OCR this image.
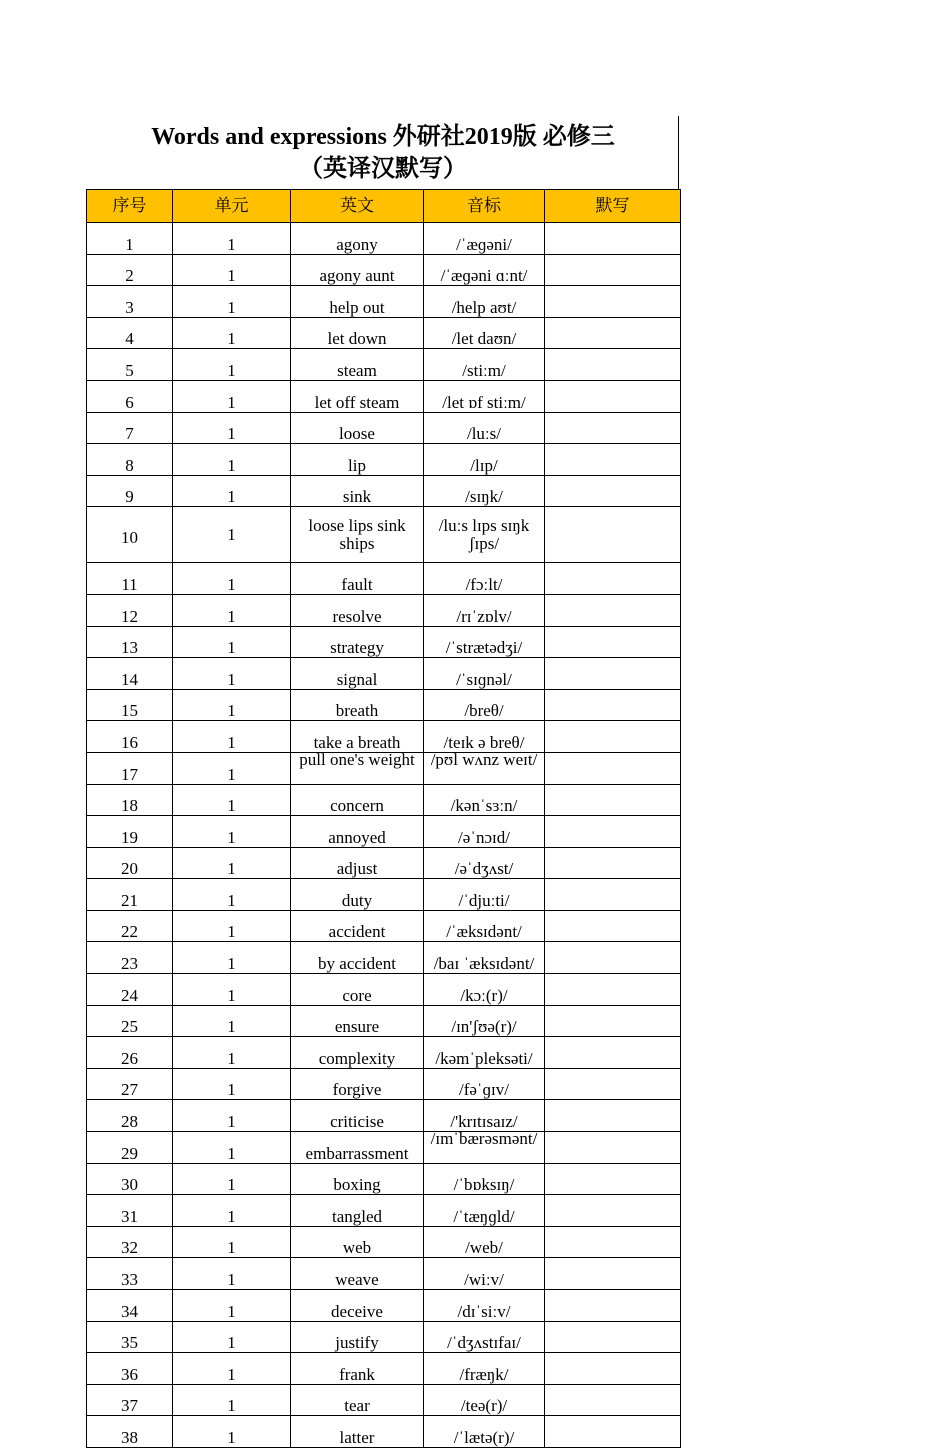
Words and expressions 外研社2019版 必修三
（英译汉默写）
序号	单元	英文	音标	默写
1	1	agony	/ˈæɡəni/	
2	1	agony aunt	/ˈæɡəni ɑːnt/	
3	1	help out	/help aʊt/	
4	1	let down	/let daʊn/	
5	1	steam	/stiːm/	
6	1	let off steam	/let ɒf stiːm/	
7	1	loose	/luːs/	
8	1	lip	/lɪp/	
9	1	sink	/sɪŋk/	
10	1	loose lips sink ships	/luːs lɪps sɪŋk ʃɪps/	
11	1	fault	/fɔːlt/	
12	1	resolve	/rɪˈzɒlv/	
13	1	strategy	/ˈstrætədʒi/	
14	1	signal	/ˈsɪɡnəl/	
15	1	breath	/breθ/	
16	1	take a breath	/teɪk ə breθ/	
17	1	pull one's weight	/pʊl wʌnz weɪt/	
18	1	concern	/kənˈsɜːn/	
19	1	annoyed	/əˈnɔɪd/	
20	1	adjust	/əˈdʒʌst/	
21	1	duty	/ˈdjuːti/	
22	1	accident	/ˈæksɪdənt/	
23	1	by accident	/baɪ ˈæksɪdənt/	
24	1	core	/kɔː(r)/	
25	1	ensure	/ɪn'ʃʊə(r)/	
26	1	complexity	/kəmˈpleksəti/	
27	1	forgive	/fəˈɡɪv/	
28	1	criticise	/'krɪtɪsaɪz/	
29	1	embarrassment	/ɪmˈbærəsmənt/	
30	1	boxing	/ˈbɒksɪŋ/	
31	1	tangled	/ˈtæŋɡld/	
32	1	web	/web/	
33	1	weave	/wiːv/	
34	1	deceive	/dɪˈsiːv/	
35	1	justify	/ˈdʒʌstɪfaɪ/	
36	1	frank	/fræŋk/	
37	1	tear	/teə(r)/	
38	1	latter	/ˈlætə(r)/	
